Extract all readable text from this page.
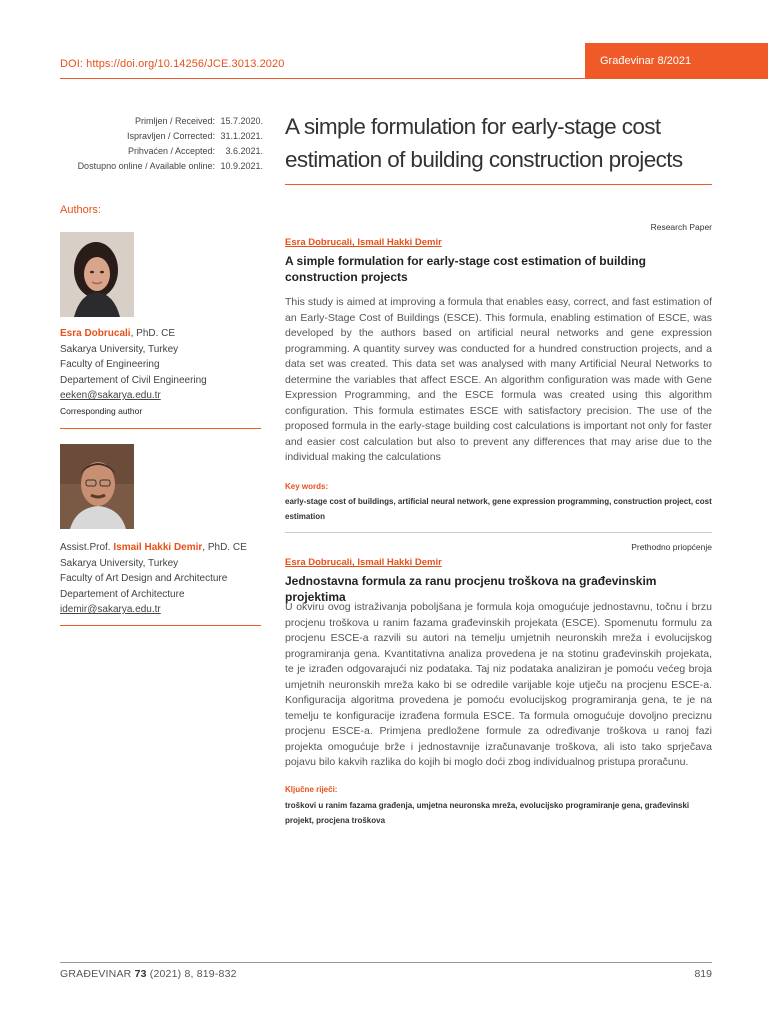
DOI: https://doi.org/10.14256/JCE.3013.2020	Građevinar 8/2021
Primljen / Received: 15.7.2020.
Ispravljen / Corrected: 31.1.2021.
Prihvaćen / Accepted:	3.6.2021.
Dostupno online / Available online: 10.9.2021.
A simple formulation for early-stage cost estimation of building construction projects
Authors:
Esra Dobrucali, PhD. CE
Sakarya University, Turkey
Faculty of Engineering
Departement of Civil Engineering
eeken@sakarya.edu.tr
Corresponding author
Assist.Prof. Ismail Hakki Demir, PhD. CE
Sakarya University, Turkey
Faculty of Art Design and Architecture
Departement of Architecture
idemir@sakarya.edu.tr
Research Paper
Esra Dobrucali, Ismail Hakki Demir
A simple formulation for early-stage cost estimation of building construction projects
This study is aimed at improving a formula that enables easy, correct, and fast estimation of an Early-Stage Cost of Buildings (ESCE). This formula, enabling estimation of ESCE, was developed by the authors based on artificial neural networks and gene expression programming. A quantity survey was conducted for a hundred construction projects, and a data set was created. This data set was analysed with many Artificial Neural Networks to determine the variables that affect ESCE. An algorithm configuration was made with Gene Expression Programming, and the ESCE formula was created using this algorithm configuration. This formula estimates ESCE with satisfactory precision. The use of the proposed formula in the early-stage building cost calculations is important not only for faster and easier cost calculation but also to prevent any differences that may arise due to the individual making the calculations
Key words:
early-stage cost of buildings, artificial neural network, gene expression programming, construction project, cost estimation
Prethodno priopćenje
Esra Dobrucali, Ismail Hakki Demir
Jednostavna formula za ranu procjenu troškova na građevinskim projektima
U okviru ovog istraživanja poboljšana je formula koja omogućuje jednostavnu, točnu i brzu procjenu troškova u ranim fazama građevinskih projekata (ESCE). Spomenutu formulu za procjenu ESCE-a razvili su autori na temelju umjetnih neuronskih mreža i evolucijskog programiranja gena. Kvantitativna analiza provedena je na stotinu građevinskih projekata, te je izrađen odgovarajući niz podataka. Taj niz podataka analiziran je pomoću većeg broja umjetnih neuronskih mreža kako bi se odredile varijable koje utječu na procjenu ESCE-a. Konfiguracija algoritma provedena je pomoću evolucijskog programiranja gena, te je na temelju te konfiguracije izrađena formula ESCE. Ta formula omogućuje dovoljno preciznu procjenu ESCE-a. Primjena predložene formule za određivanje troškova u ranoj fazi projekta omogućuje brže i jednostavnije izračunavanje troškova, ali isto tako sprječava pojavu bilo kakvih razlika do kojih bi moglo doći zbog individualnog pristupa proračunu.
Ključne riječi:
troškovi u ranim fazama građenja, umjetna neuronska mreža, evolucijsko programiranje gena, građevinski projekt, procjena troškova
GRAĐEVINAR 73 (2021) 8, 819-832	819
